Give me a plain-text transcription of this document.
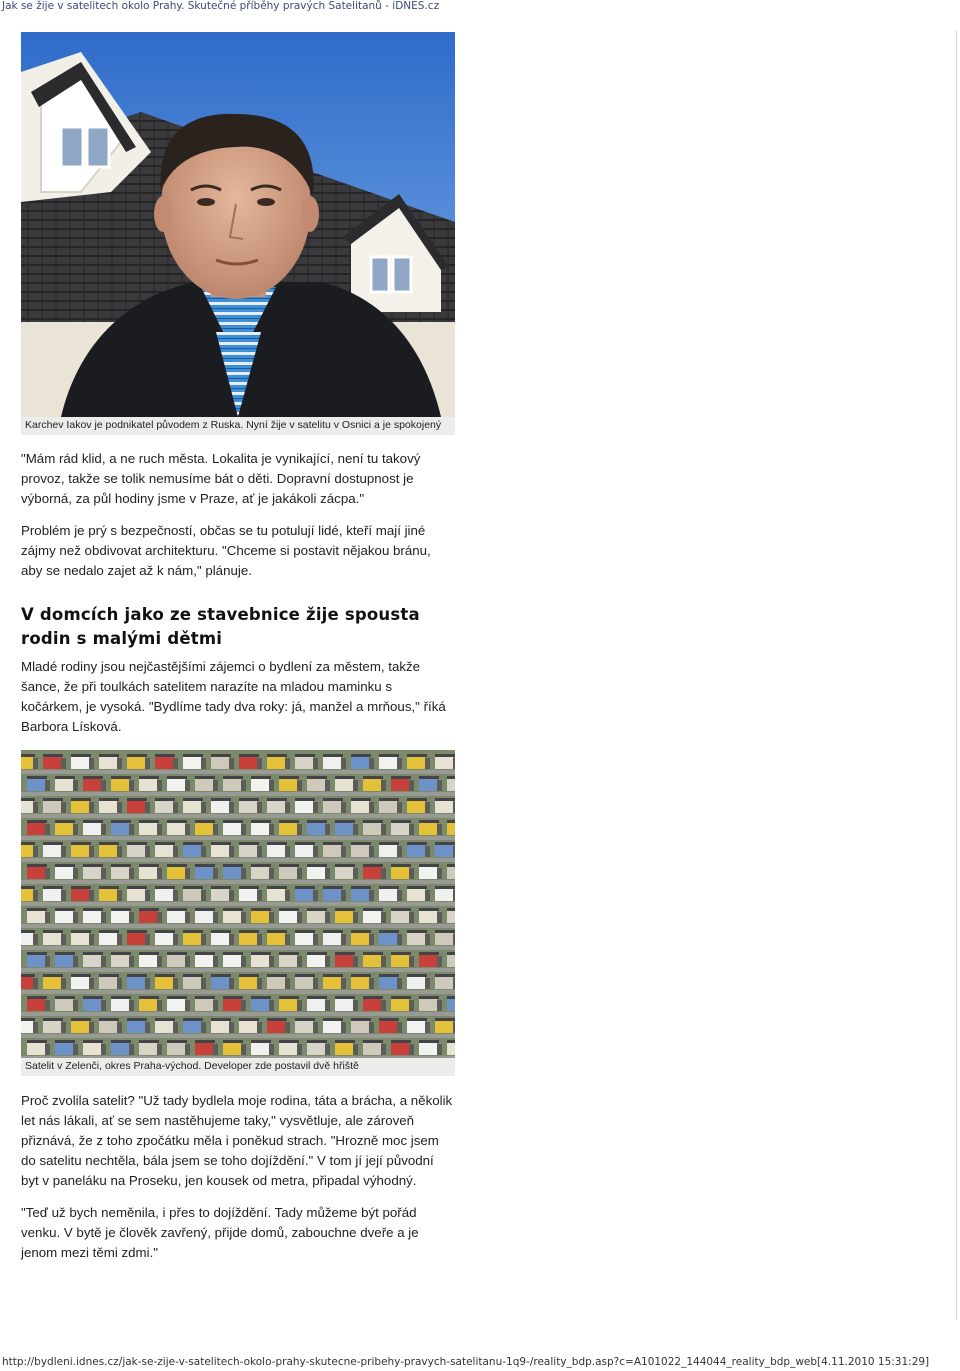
Jak se žije v satelitech okolo Prahy. Skutečné příběhy pravých Satelitanů - iDNES.cz
Karchev Iakov je podnikatel původem z Ruska. Nyní žije v satelitu v Osnici a je spokojený

"Mám rád klid, a ne ruch města. Lokalita je vynikající, není tu takový provoz, takže se tolik nemusíme bát o děti. Dopravní dostupnost je výborná, za půl hodiny jsme v Praze, ať je jakákoli zácpa."

Problém je prý s bezpečností, občas se tu potulují lidé, kteří mají jiné zájmy než obdivovat architekturu. "Chceme si postavit nějakou bránu, aby se nedalo zajet až k nám," plánuje.

V domcích jako ze stavebnice žije spousta rodin s malými dětmi

Mladé rodiny jsou nejčastějšími zájemci o bydlení za městem, takže šance, že při toulkách satelitem narazíte na mladou maminku s kočárkem, je vysoká. "Bydlíme tady dva roky: já, manžel a mrňous," říká Barbora Lísková.

Satelit v Zelenči, okres Praha-východ. Developer zde postavil dvě hřiště

Proč zvolila satelit? "Už tady bydlela moje rodina, táta a brácha, a několik let nás lákali, ať se sem nastěhujeme taky," vysvětluje, ale zároveň přiznává, že z toho zpočátku měla i poněkud strach. "Hrozně moc jsem do satelitu nechtěla, bála jsem se toho dojíždění." V tom jí její původní byt v paneláku na Proseku, jen kousek od metra, připadal výhodný.

"Teď už bych neměnila, i přes to dojíždění. Tady můžeme být pořád venku. V bytě je člověk zavřený, přijde domů, zabouchne dveře a je jenom mezi těmi zdmi."

http://bydleni.idnes.cz/jak-se-zije-v-satelitech-okolo-prahy-skutecne-pribehy-pravych-satelitanu-1q9-/reality_bdp.asp?c=A101022_144044_reality_bdp_web[4.11.2010 15:31:29]
